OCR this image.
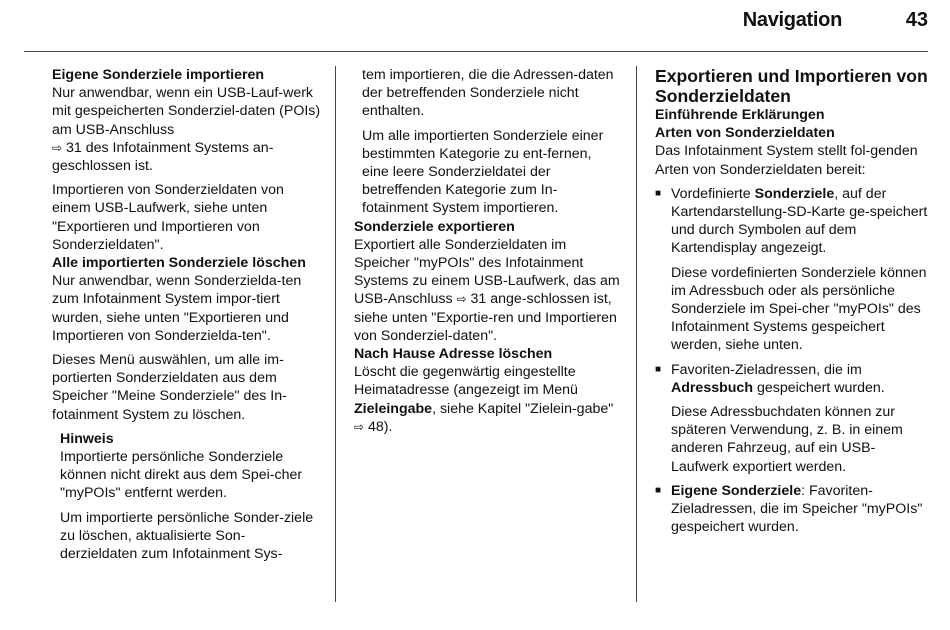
Navigation	43

Eigene Sonderziele importieren

Nur anwendbar, wenn ein USB-Lauf-werk mit gespeicherten Sonderziel-daten (POIs) am USB-Anschluss
⇨ 31 des Infotainment Systems an-geschlossen ist.

Importieren von Sonderzieldaten von einem USB-Laufwerk, siehe unten "Exportieren und Importieren von Sonderzieldaten".

Alle importierten Sonderziele löschen

Nur anwendbar, wenn Sonderzielda-ten zum Infotainment System impor-tiert wurden, siehe unten "Exportieren und Importieren von Sonderzielda-ten".

Dieses Menü auswählen, um alle im-portierten Sonderzieldaten aus dem Speicher "Meine Sonderziele" des In-fotainment System zu löschen.

Hinweis

Importierte persönliche Sonderziele können nicht direkt aus dem Spei-cher "myPOIs" entfernt werden.

Um importierte persönliche Sonder-ziele zu löschen, aktualisierte Son-derzieldaten zum Infotainment Sys-

tem importieren, die die Adressen-daten der betreffenden Sonderziele nicht enthalten.

Um alle importierten Sonderziele einer bestimmten Kategorie zu ent-fernen, eine leere Sonderzieldatei der betreffenden Kategorie zum In-fotainment System importieren.

Sonderziele exportieren

Exportiert alle Sonderzieldaten im Speicher "myPOIs" des Infotainment Systems zu einem USB-Laufwerk, das am USB-Anschluss ⇨ 31 ange-schlossen ist, siehe unten "Exportie-ren und Importieren von Sonderziel-daten".

Nach Hause Adresse löschen

Löscht die gegenwärtig eingestellte Heimatadresse (angezeigt im Menü Zieleingabe, siehe Kapitel "Zielein-gabe" ⇨ 48).

Exportieren und Importieren von Sonderzieldaten

Einführende Erklärungen

Arten von Sonderzieldaten

Das Infotainment System stellt fol-genden Arten von Sonderzieldaten bereit:

■ Vordefinierte Sonderziele, auf der Kartendarstellung-SD-Karte ge-speichert und durch Symbolen auf dem Kartendisplay angezeigt.

Diese vordefinierten Sonderziele können im Adressbuch oder als persönliche Sonderziele im Spei-cher "myPOIs" des Infotainment Systems gespeichert werden, siehe unten.

■ Favoriten-Zieladressen, die im Adressbuch gespeichert wurden.

Diese Adressbuchdaten können zur späteren Verwendung, z. B. in einem anderen Fahrzeug, auf ein USB-Laufwerk exportiert werden.

■ Eigene Sonderziele: Favoriten-Zieladressen, die im Speicher "myPOIs" gespeichert wurden.
